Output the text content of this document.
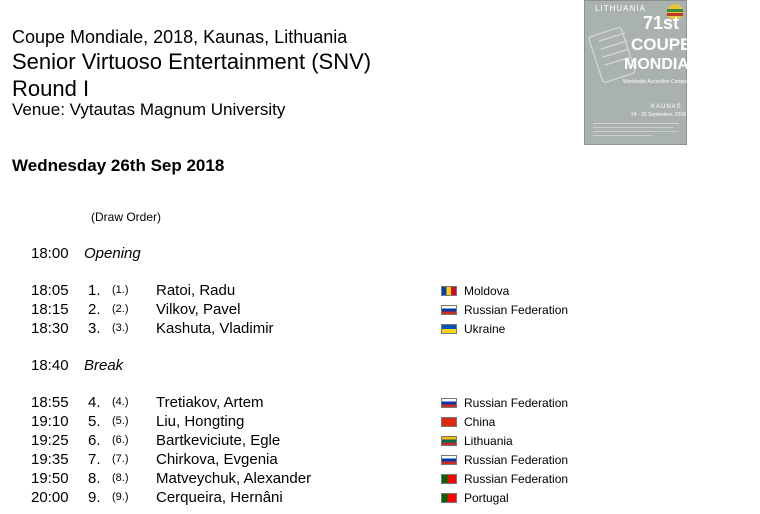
Coupe Mondiale, 2018, Kaunas, Lithuania
Senior Virtuoso Entertainment (SNV)
Round I
Venue: Vytautas Magnum University
Wednesday 26th Sep 2018
(Draw Order)
LITHUANIA
71st
COUPE
MONDIALE
Worldwide Accordion Competition
KAUNAS
24 - 30 September, 2018
18:00 Opening
18:05 1. (1.) Ratoi, Radu	Moldova
18:15 2. (2.) Vilkov, Pavel	Russian Federation
18:30 3. (3.) Kashuta, Vladimir	Ukraine
18:40 Break
18:55 4. (4.) Tretiakov, Artem	Russian Federation
19:10 5. (5.) Liu, Hongting	China
19:25 6. (6.) Bartkeviciute, Egle	Lithuania
19:35 7. (7.) Chirkova, Evgenia	Russian Federation
19:50 8. (8.) Matveychuk, Alexander	Russian Federation
20:00 9. (9.) Cerqueira, Hernâni	Portugal
